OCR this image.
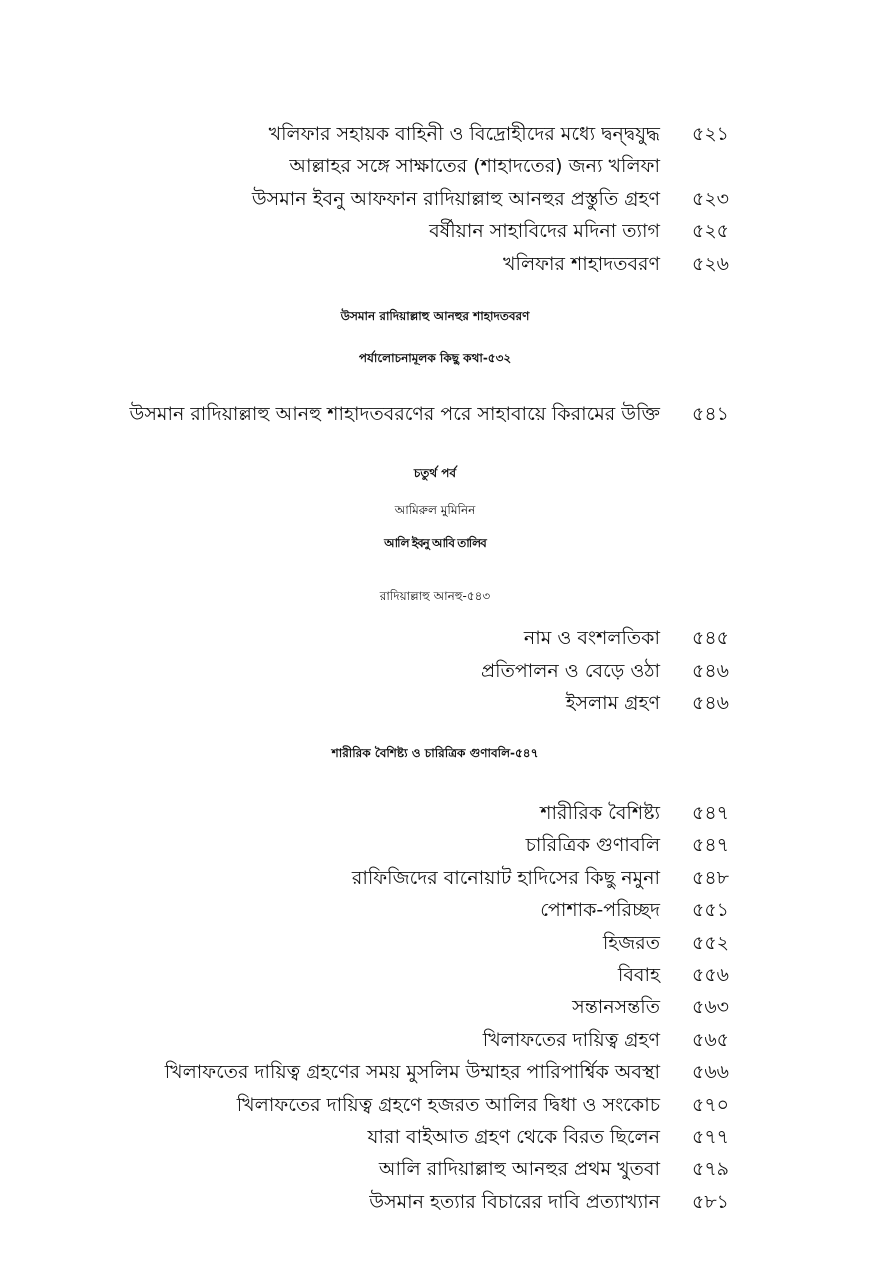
খলিফার সহায়ক বাহিনী ও বিদ্রোহীদের মধ্যে দ্বন্দ্বযুদ্ধ ৫২১
আল্লাহর সঙ্গে সাক্ষাতের (শাহাদতের) জন্য খলিফা
উসমান ইবনু আফফান রাদিয়াল্লাহু আনহুর প্রস্তুতি গ্রহণ ৫২৩
বর্ষীয়ান সাহাবিদের মদিনা ত্যাগ ৫২৫
খলিফার শাহাদতবরণ ৫২৬
উসমান রাদিয়াল্লাহু আনহুর শাহাদতবরণ
পর্যালোচনামূলক কিছু কথা-৫৩২
উসমান রাদিয়াল্লাহু আনহু শাহাদতবরণের পরে সাহাবায়ে কিরামের উক্তি ৫৪১
চতুর্থ পর্ব
আমিরুল মুমিনিন
আলি ইবনু আবি তালিব
রাদিয়াল্লাহু আনহু-৫৪৩
নাম ও বংশলতিকা ৫৪৫
প্রতিপালন ও বেড়ে ওঠা ৫৪৬
ইসলাম গ্রহণ ৫৪৬
শারীরিক বৈশিষ্ট্য ও চারিত্রিক গুণাবলি-৫৪৭
শারীরিক বৈশিষ্ট্য ৫৪৭
চারিত্রিক গুণাবলি ৫৪৭
রাফিজিদের বানোয়াট হাদিসের কিছু নমুনা ৫৪৮
পোশাক-পরিচ্ছদ ৫৫১
হিজরত ৫৫২
বিবাহ ৫৫৬
সন্তানসন্ততি ৫৬৩
খিলাফতের দায়িত্ব গ্রহণ ৫৬৫
খিলাফতের দায়িত্ব গ্রহণের সময় মুসলিম উম্মাহর পারিপার্শ্বিক অবস্থা ৫৬৬
খিলাফতের দায়িত্ব গ্রহণে হজরত আলির দ্বিধা ও সংকোচ ৫৭০
যারা বাইআত গ্রহণ থেকে বিরত ছিলেন ৫৭৭
আলি রাদিয়াল্লাহু আনহুর প্রথম খুতবা ৫৭৯
উসমান হত্যার বিচারের দাবি প্রত্যাখ্যান ৫৮১
